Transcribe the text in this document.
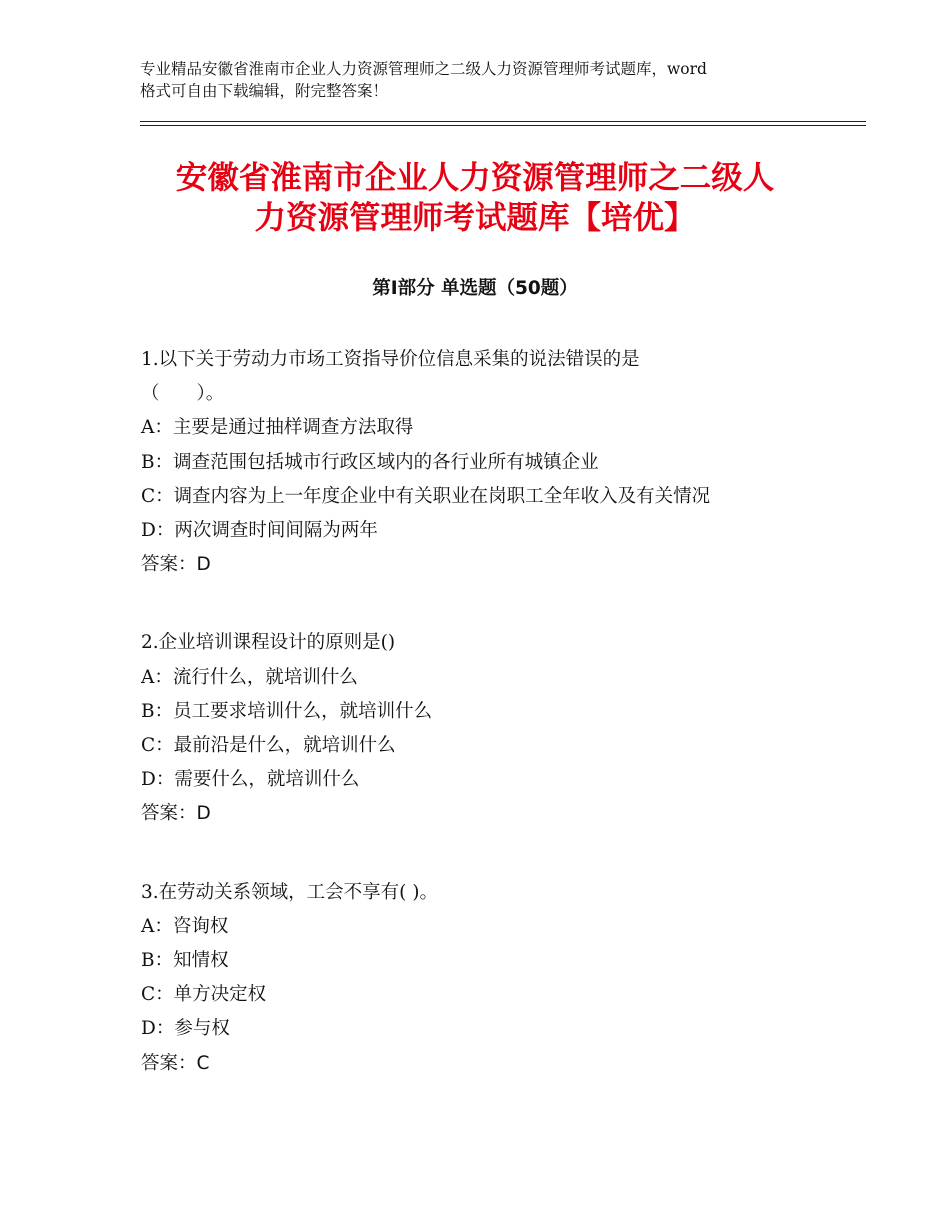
专业精品安徽省淮南市企业人力资源管理师之二级人力资源管理师考试题库，word
格式可自由下载编辑，附完整答案！
安徽省淮南市企业人力资源管理师之二级人
力资源管理师考试题库【培优】
第Ⅰ部分 单选题（50题）
1.以下关于劳动力市场工资指导价位信息采集的说法错误的是
（　　）。
A：主要是通过抽样调查方法取得
B：调查范围包括城市行政区域内的各行业所有城镇企业
C：调查内容为上一年度企业中有关职业在岗职工全年收入及有关情况
D：两次调查时间间隔为两年
答案：D
2.企业培训课程设计的原则是()
A：流行什么，就培训什么
B：员工要求培训什么，就培训什么
C：最前沿是什么，就培训什么
D：需要什么，就培训什么
答案：D
3.在劳动关系领域，工会不享有( )。
A：咨询权
B：知情权
C：单方决定权
D：参与权
答案：C
